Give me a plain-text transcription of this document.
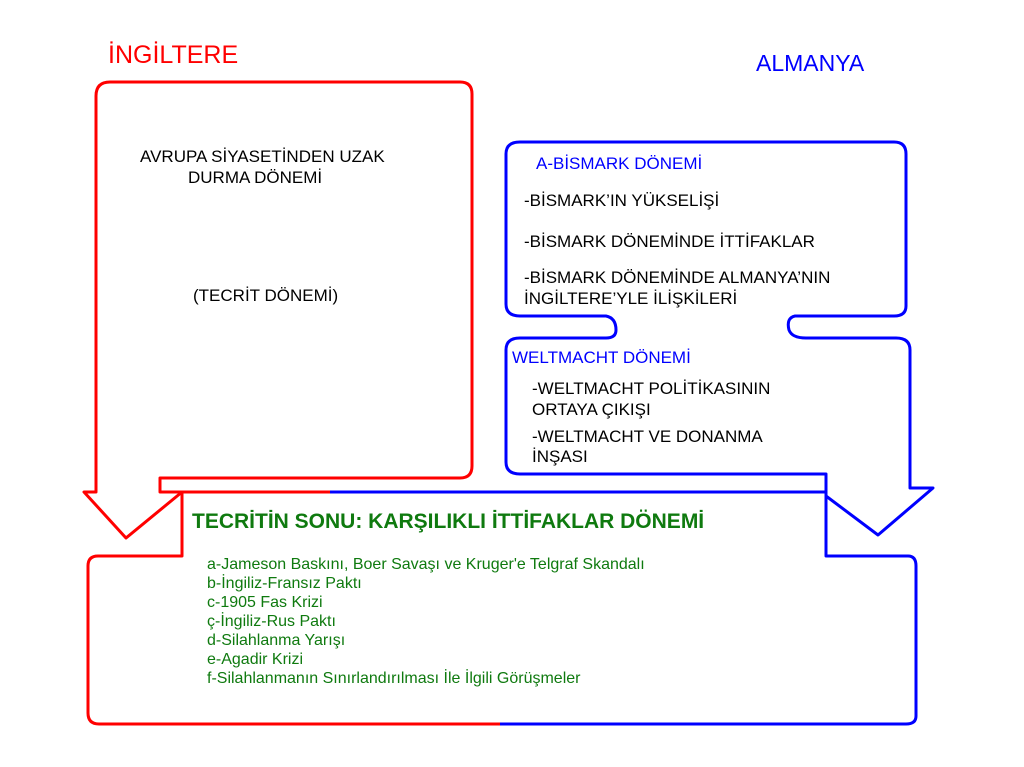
İNGİLTERE	ALMANYA
AVRUPA SİYASETİNDEN UZAK
DURMA DÖNEMİ
(TECRİT DÖNEMİ)
A-BİSMARK DÖNEMİ
-BİSMARK’IN YÜKSELİŞİ
-BİSMARK DÖNEMİNDE İTTİFAKLAR
-BİSMARK DÖNEMİNDE ALMANYA’NIN
İNGİLTERE’YLE İLİŞKİLERİ
WELTMACHT DÖNEMİ
-WELTMACHT POLİTİKASININ
ORTAYA ÇIKIŞI
-WELTMACHT VE DONANMA
İNŞASI
TECRİTİN SONU: KARŞILIKLI İTTİFAKLAR DÖNEMİ
a-Jameson Baskını, Boer Savaşı ve Kruger'e Telgraf Skandalı
b-İngiliz-Fransız Paktı
c-1905 Fas Krizi
ç-İngiliz-Rus Paktı
d-Silahlanma Yarışı
e-Agadir Krizi
f-Silahlanmanın Sınırlandırılması İle İlgili Görüşmeler
